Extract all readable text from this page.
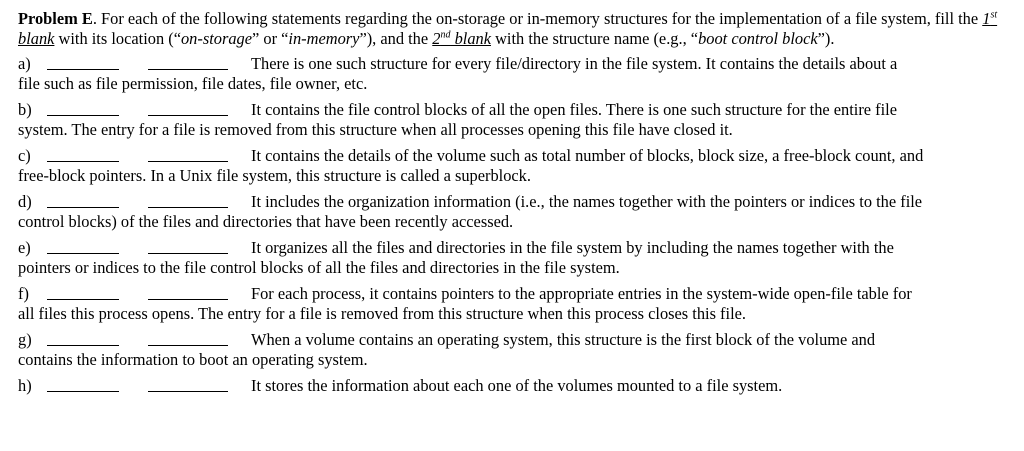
Problem E. For each of the following statements regarding the on-storage or in-memory structures for the implementation of a file system, fill the 1st blank with its location (“on-storage” or “in-memory”), and the 2nd blank with the structure name (e.g., “boot control block”).
a)	There is one such structure for every file/directory in the file system. It contains the details about a
file such as file permission, file dates, file owner, etc.
b)	It contains the file control blocks of all the open files. There is one such structure for the entire file
system. The entry for a file is removed from this structure when all processes opening this file have closed it.
c)	It contains the details of the volume such as total number of blocks, block size, a free-block count, and
free-block pointers. In a Unix file system, this structure is called a superblock.
d)	It includes the organization information (i.e., the names together with the pointers or indices to the file
control blocks) of the files and directories that have been recently accessed.
e)	It organizes all the files and directories in the file system by including the names together with the
pointers or indices to the file control blocks of all the files and directories in the file system.
f)	For each process, it contains pointers to the appropriate entries in the system-wide open-file table for
all files this process opens. The entry for a file is removed from this structure when this process closes this file.
g)	When a volume contains an operating system, this structure is the first block of the volume and
contains the information to boot an operating system.
h)	It stores the information about each one of the volumes mounted to a file system.
